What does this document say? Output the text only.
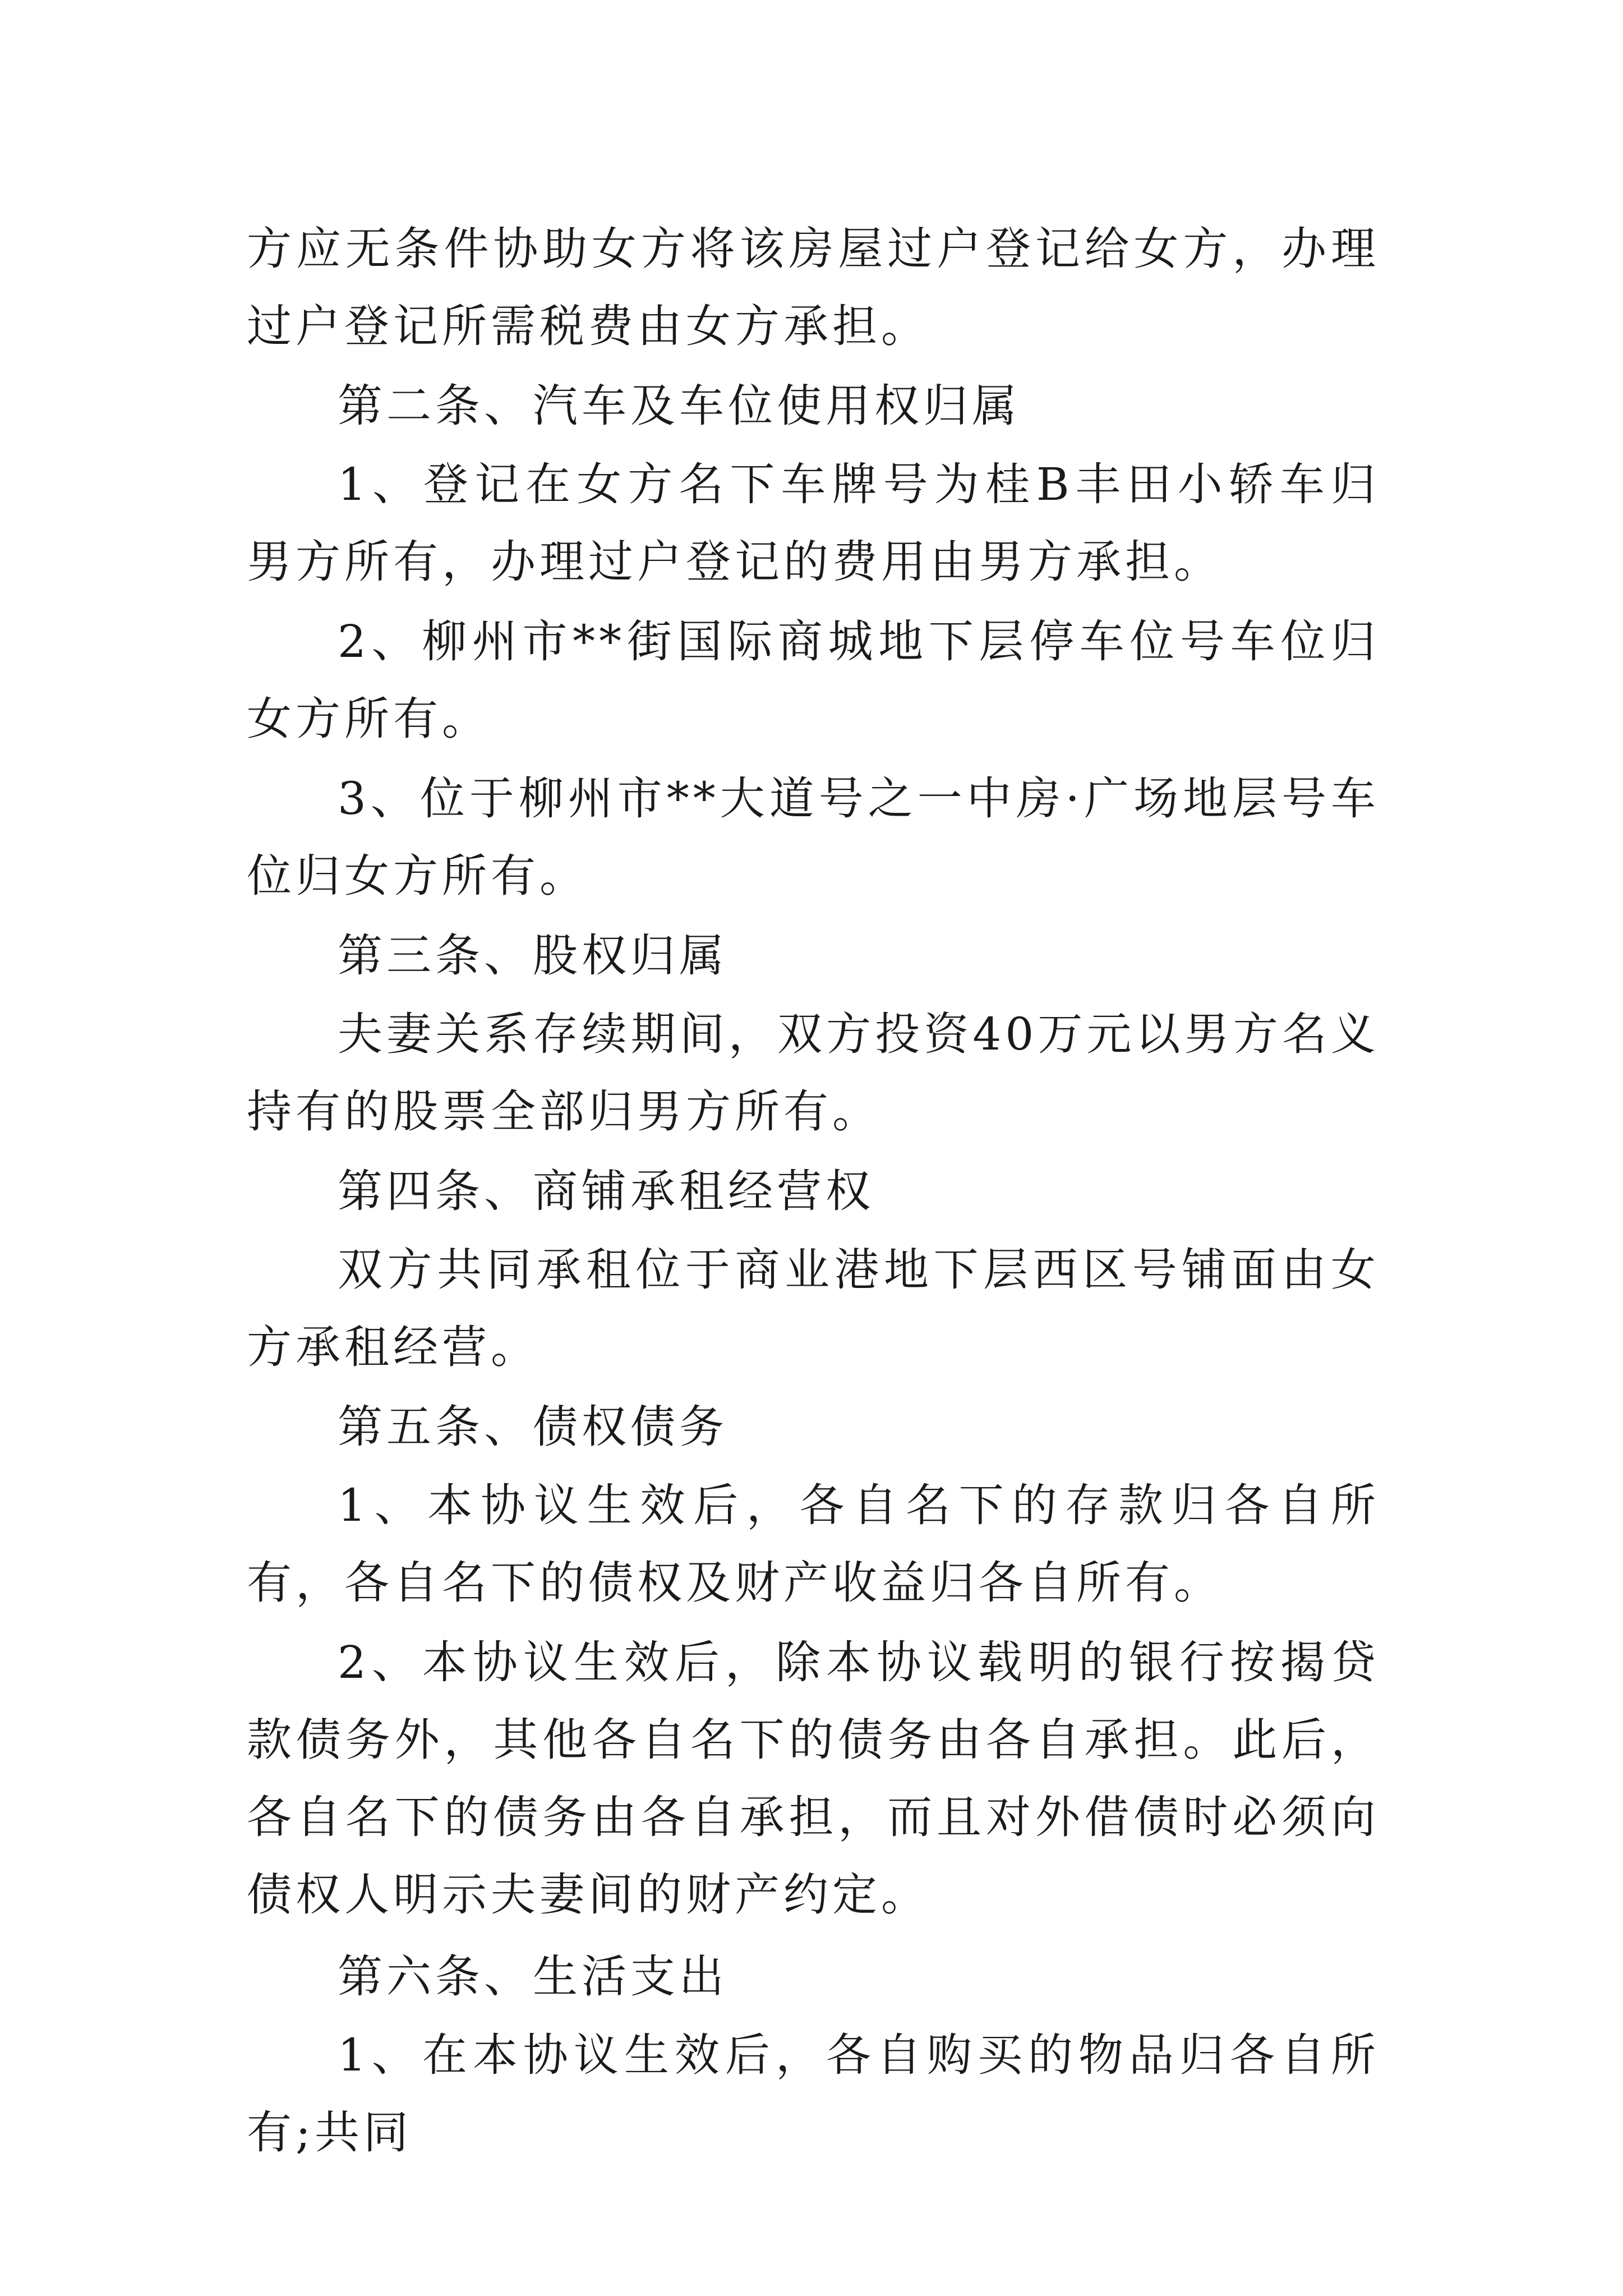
方应无条件协助女方将该房屋过户登记给女方，办理过户登记所需税费由女方承担。

第二条、汽车及车位使用权归属

1、登记在女方名下车牌号为桂B丰田小轿车归男方所有，办理过户登记的费用由男方承担。

2、柳州市**街国际商城地下层停车位号车位归女方所有。

3、位于柳州市**大道号之一中房·广场地层号车位归女方所有。

第三条、股权归属

夫妻关系存续期间，双方投资40万元以男方名义持有的股票全部归男方所有。

第四条、商铺承租经营权

双方共同承租位于商业港地下层西区号铺面由女方承租经营。

第五条、债权债务

1、本协议生效后，各自名下的存款归各自所有，各自名下的债权及财产收益归各自所有。

2、本协议生效后，除本协议载明的银行按揭贷款债务外，其他各自名下的债务由各自承担。此后，各自名下的债务由各自承担，而且对外借债时必须向债权人明示夫妻间的财产约定。

第六条、生活支出

1、在本协议生效后，各自购买的物品归各自所有;共同
